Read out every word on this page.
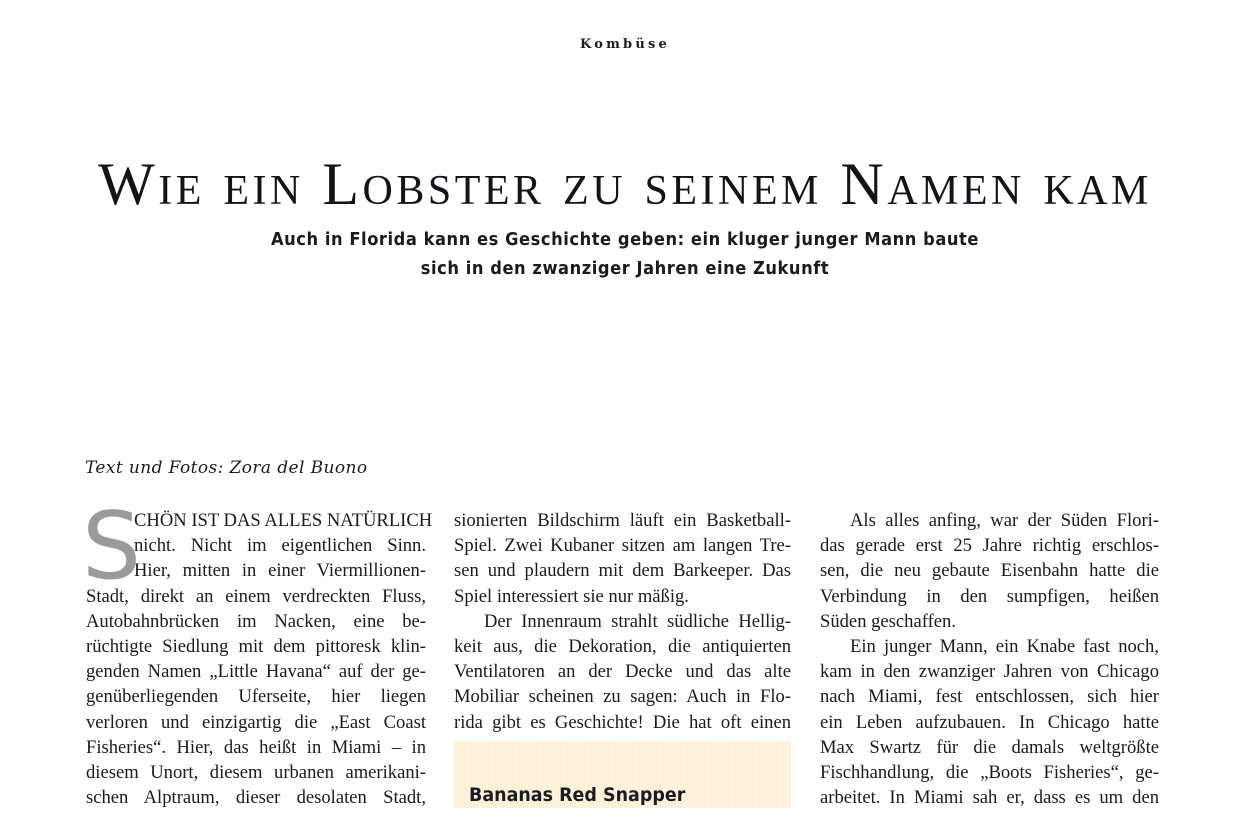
Kombüse
Wie ein Lobster zu seinem Namen kam
Auch in Florida kann es Geschichte geben: ein kluger junger Mann baute
sich in den zwanziger Jahren eine Zukunft
Text und Fotos: Zora del Buono
S
CHÖN IST DAS ALLES NATÜRLICH
nicht. Nicht im eigentlichen Sinn.
Hier, mitten in einer Viermillionen-
Stadt, direkt an einem verdreckten Fluss,
Autobahnbrücken im Nacken, eine be-
rüchtigte Siedlung mit dem pittoresk klin-
genden Namen „Little Havana“ auf der ge-
genüberliegenden Uferseite, hier liegen
verloren und einzigartig die „East Coast
Fisheries“. Hier, das heißt in Miami – in
diesem Unort, diesem urbanen amerikani-
schen Alptraum, dieser desolaten Stadt,
sionierten Bildschirm läuft ein Basketball-
Spiel. Zwei Kubaner sitzen am langen Tre-
sen und plaudern mit dem Barkeeper. Das
Spiel interessiert sie nur mäßig.
Der Innenraum strahlt südliche Hellig-
keit aus, die Dekoration, die antiquierten
Ventilatoren an der Decke und das alte
Mobiliar scheinen zu sagen: Auch in Flo-
rida gibt es Geschichte! Die hat oft einen
Bananas Red Snapper
Als alles anfing, war der Süden Flori-
das gerade erst 25 Jahre richtig erschlos-
sen, die neu gebaute Eisenbahn hatte die
Verbindung in den sumpfigen, heißen
Süden geschaffen.
Ein junger Mann, ein Knabe fast noch,
kam in den zwanziger Jahren von Chicago
nach Miami, fest entschlossen, sich hier
ein Leben aufzubauen. In Chicago hatte
Max Swartz für die damals weltgrößte
Fischhandlung, die „Boots Fisheries“, ge-
arbeitet. In Miami sah er, dass es um den
